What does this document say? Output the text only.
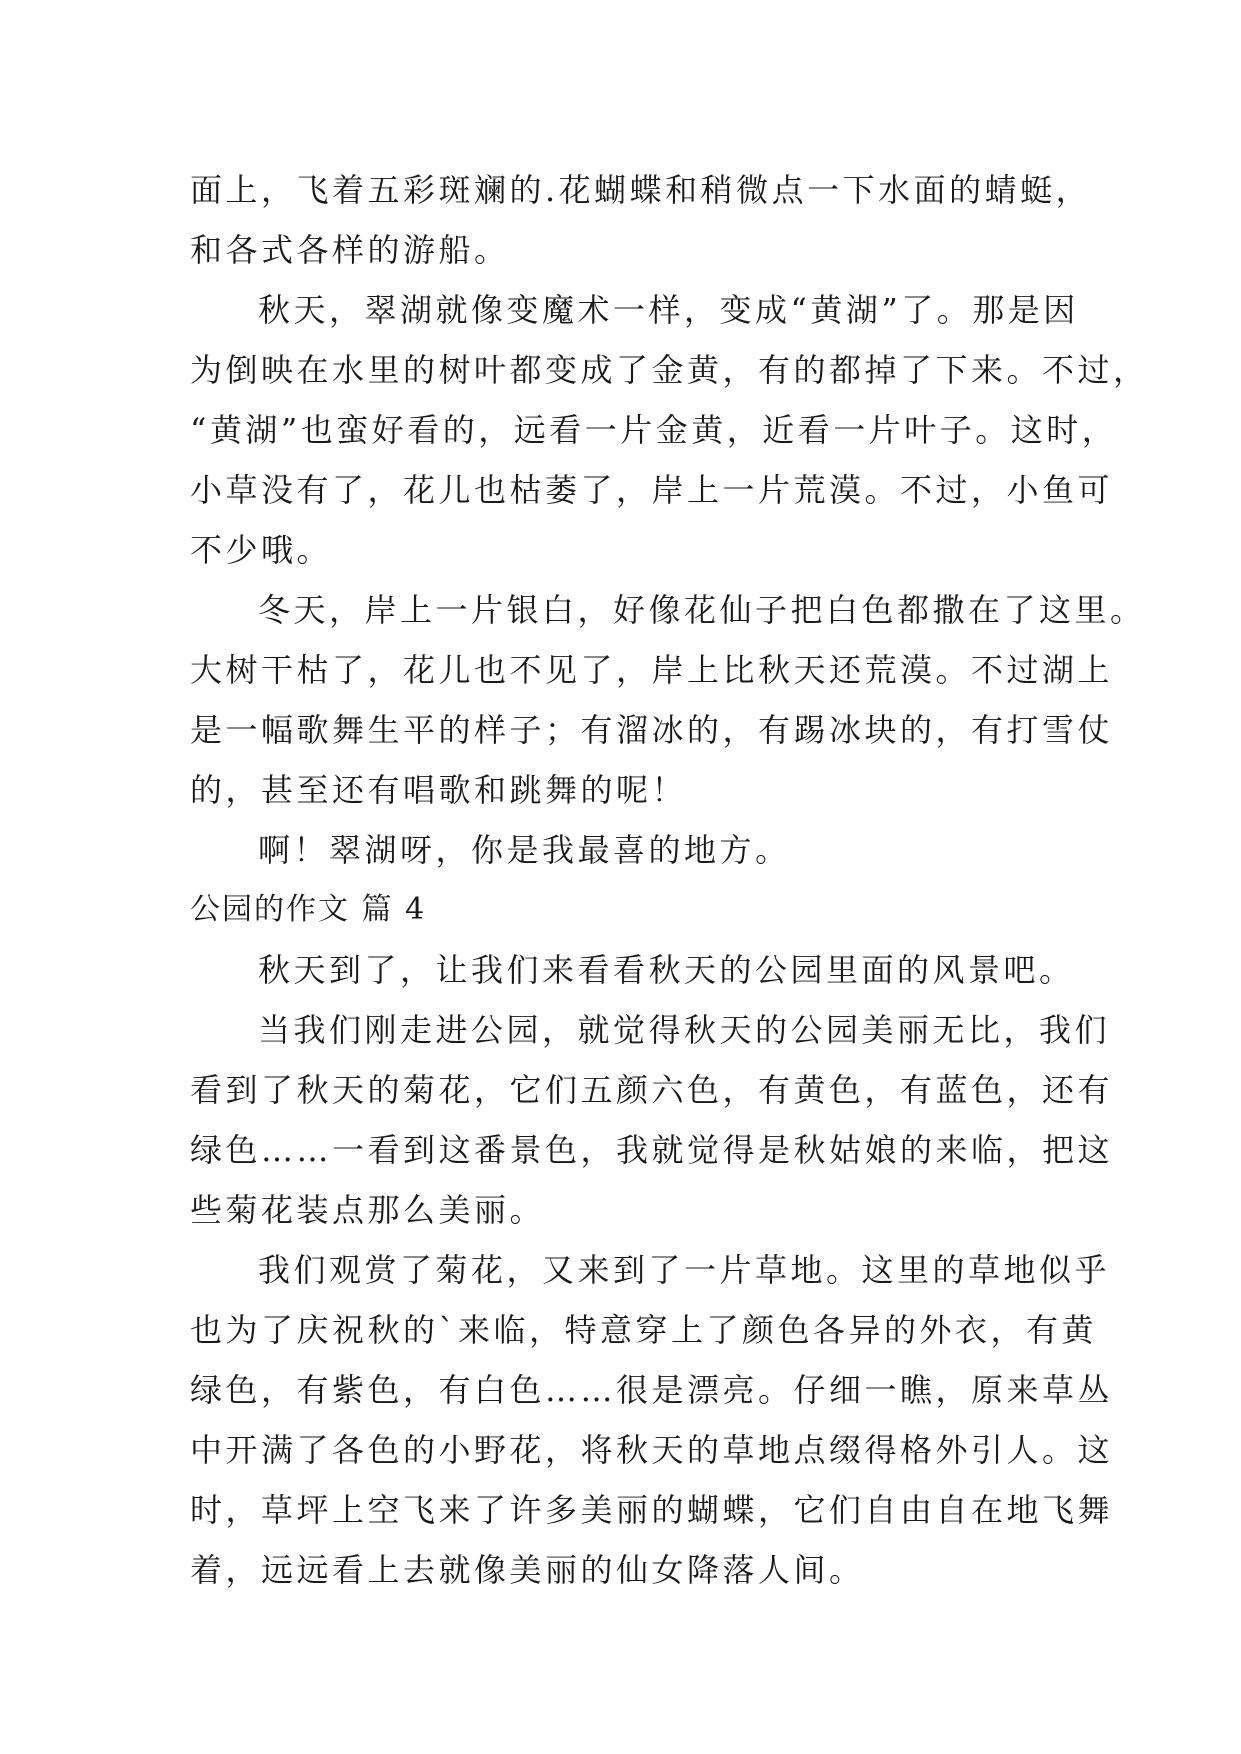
面上，飞着五彩斑斓的.花蝴蝶和稍微点一下水面的蜻蜓，
和各式各样的游船。
秋天，翠湖就像变魔术一样，变成“黄湖”了。那是因
为倒映在水里的树叶都变成了金黄，有的都掉了下来。不过，
“黄湖”也蛮好看的，远看一片金黄，近看一片叶子。这时，
小草没有了，花儿也枯萎了，岸上一片荒漠。不过，小鱼可
不少哦。
冬天，岸上一片银白，好像花仙子把白色都撒在了这里。
大树干枯了，花儿也不见了，岸上比秋天还荒漠。不过湖上
是一幅歌舞生平的样子；有溜冰的，有踢冰块的，有打雪仗
的，甚至还有唱歌和跳舞的呢！
啊！翠湖呀，你是我最喜的地方。
公园的作文 篇 4
秋天到了，让我们来看看秋天的公园里面的风景吧。
当我们刚走进公园，就觉得秋天的公园美丽无比，我们
看到了秋天的菊花，它们五颜六色，有黄色，有蓝色，还有
绿色……一看到这番景色，我就觉得是秋姑娘的来临，把这
些菊花装点那么美丽。
我们观赏了菊花，又来到了一片草地。这里的草地似乎
也为了庆祝秋的`来临，特意穿上了颜色各异的外衣，有黄
绿色，有紫色，有白色……很是漂亮。仔细一瞧，原来草丛
中开满了各色的小野花，将秋天的草地点缀得格外引人。这
时，草坪上空飞来了许多美丽的蝴蝶，它们自由自在地飞舞
着，远远看上去就像美丽的仙女降落人间。
